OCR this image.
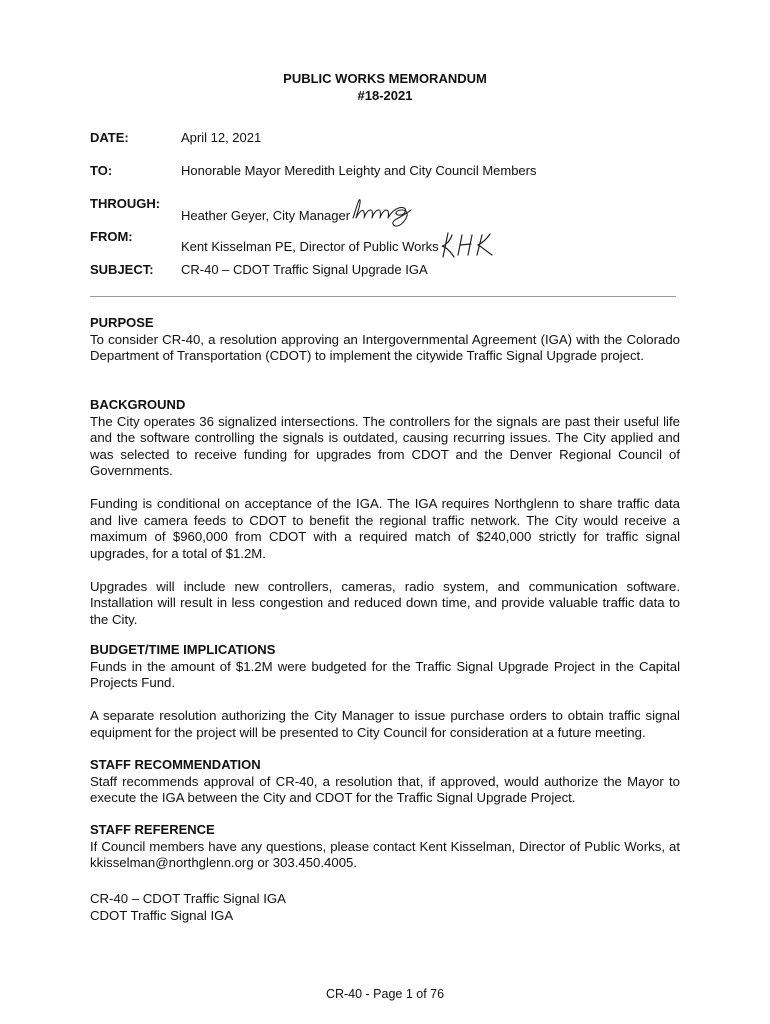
PUBLIC WORKS MEMORANDUM
#18-2021
DATE:	April 12, 2021
TO:	Honorable Mayor Meredith Leighty and City Council Members
THROUGH:
Heather Geyer, City Manager
FROM:
Kent Kisselman PE, Director of Public Works
SUBJECT: CR-40 – CDOT Traffic Signal Upgrade IGA
PURPOSE

To consider CR-40, a resolution approving an Intergovernmental Agreement (IGA) with the Colorado Department of Transportation (CDOT) to implement the citywide Traffic Signal Upgrade project.

BACKGROUND

The City operates 36 signalized intersections. The controllers for the signals are past their useful life and the software controlling the signals is outdated, causing recurring issues. The City applied and was selected to receive funding for upgrades from CDOT and the Denver Regional Council of Governments.

Funding is conditional on acceptance of the IGA. The IGA requires Northglenn to share traffic data and live camera feeds to CDOT to benefit the regional traffic network. The City would receive a maximum of $960,000 from CDOT with a required match of $240,000 strictly for traffic signal upgrades, for a total of $1.2M.

Upgrades will include new controllers, cameras, radio system, and communication software. Installation will result in less congestion and reduced down time, and provide valuable traffic data to the City.

BUDGET/TIME IMPLICATIONS

Funds in the amount of $1.2M were budgeted for the Traffic Signal Upgrade Project in the Capital Projects Fund.

A separate resolution authorizing the City Manager to issue purchase orders to obtain traffic signal equipment for the project will be presented to City Council for consideration at a future meeting.

STAFF RECOMMENDATION

Staff recommends approval of CR-40, a resolution that, if approved, would authorize the Mayor to execute the IGA between the City and CDOT for the Traffic Signal Upgrade Project.

STAFF REFERENCE

If Council members have any questions, please contact Kent Kisselman, Director of Public Works, at kkisselman@northglenn.org or 303.450.4005.

CR-40 – CDOT Traffic Signal IGA
CDOT Traffic Signal IGA
CR-40 - Page 1 of 76
